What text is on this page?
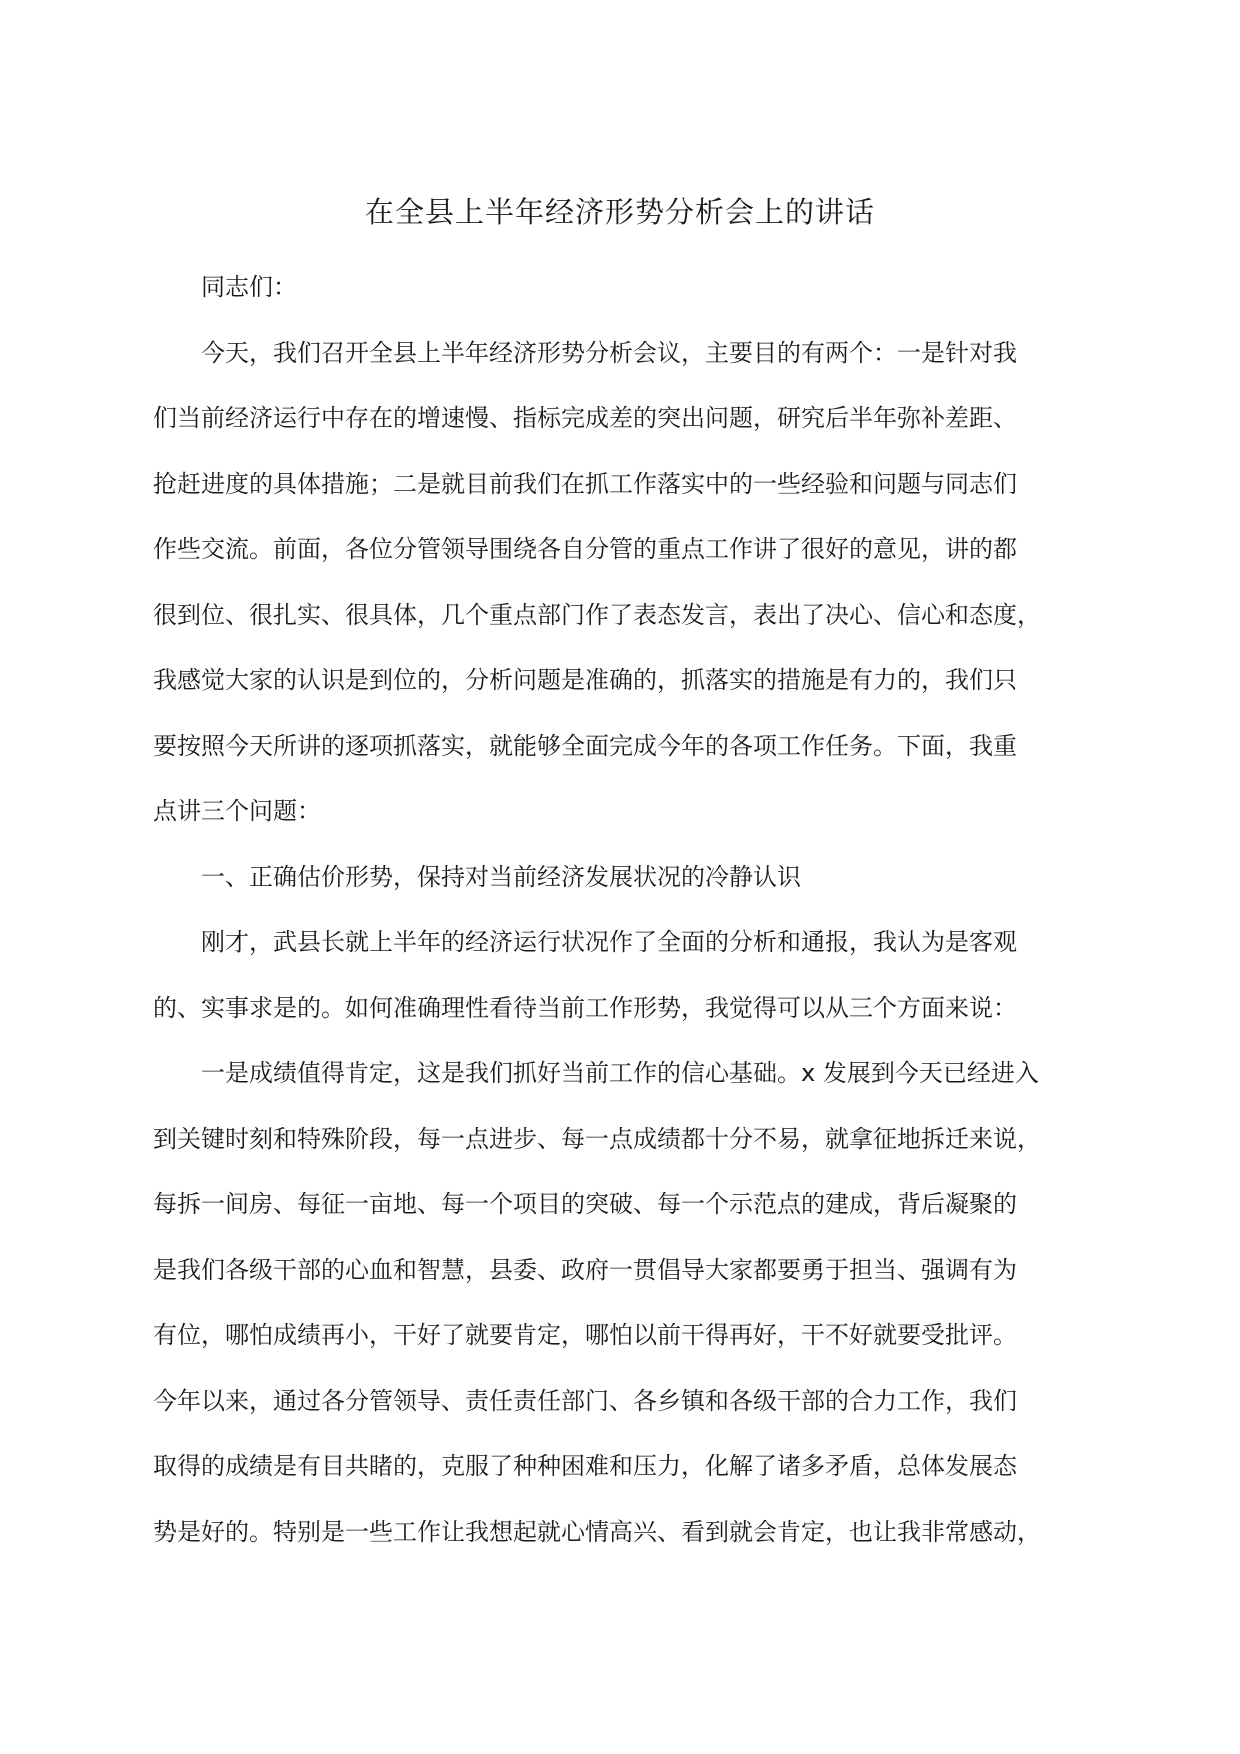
在全县上半年经济形势分析会上的讲话
同志们：
今天，我们召开全县上半年经济形势分析会议，主要目的有两个：一是针对我
们当前经济运行中存在的增速慢、指标完成差的突出问题，研究后半年弥补差距、
抢赶进度的具体措施；二是就目前我们在抓工作落实中的一些经验和问题与同志们
作些交流。前面，各位分管领导围绕各自分管的重点工作讲了很好的意见，讲的都
很到位、很扎实、很具体，几个重点部门作了表态发言，表出了决心、信心和态度，
我感觉大家的认识是到位的，分析问题是准确的，抓落实的措施是有力的，我们只
要按照今天所讲的逐项抓落实，就能够全面完成今年的各项工作任务。下面，我重
点讲三个问题：
一、正确估价形势，保持对当前经济发展状况的冷静认识
刚才，武县长就上半年的经济运行状况作了全面的分析和通报，我认为是客观
的、实事求是的。如何准确理性看待当前工作形势，我觉得可以从三个方面来说：
一是成绩值得肯定，这是我们抓好当前工作的信心基础。x 发展到今天已经进入
到关键时刻和特殊阶段，每一点进步、每一点成绩都十分不易，就拿征地拆迁来说，
每拆一间房、每征一亩地、每一个项目的突破、每一个示范点的建成，背后凝聚的
是我们各级干部的心血和智慧，县委、政府一贯倡导大家都要勇于担当、强调有为
有位，哪怕成绩再小，干好了就要肯定，哪怕以前干得再好，干不好就要受批评。
今年以来，通过各分管领导、责任责任部门、各乡镇和各级干部的合力工作，我们
取得的成绩是有目共睹的，克服了种种困难和压力，化解了诸多矛盾，总体发展态
势是好的。特别是一些工作让我想起就心情高兴、看到就会肯定，也让我非常感动，
